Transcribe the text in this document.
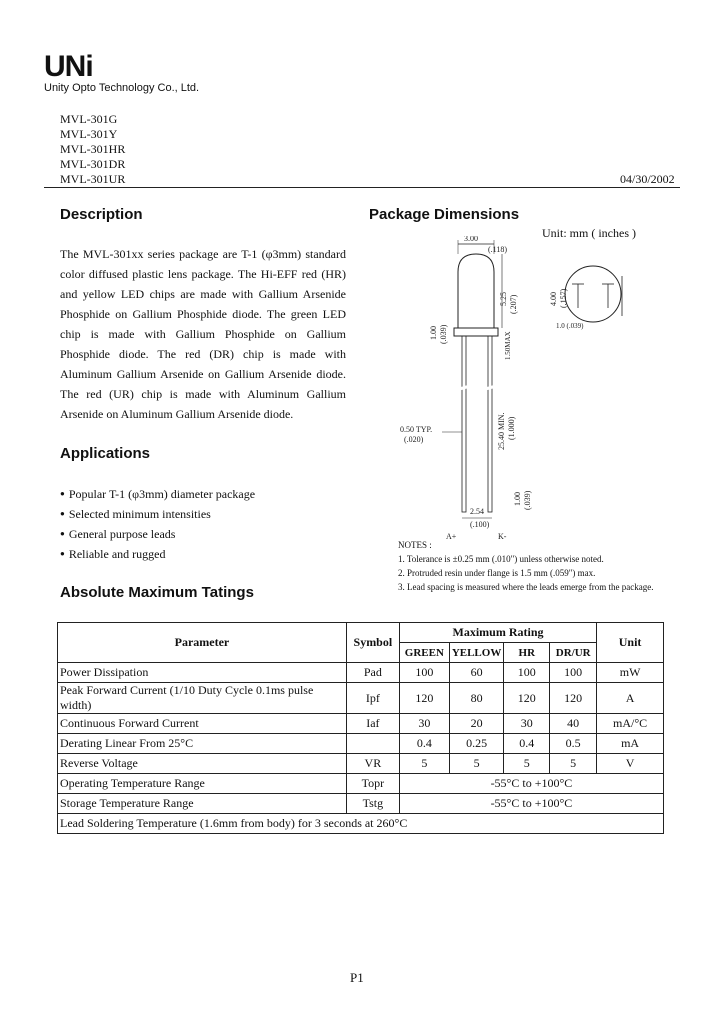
UNi
Unity Opto Technology Co., Ltd.
MVL-301G
MVL-301Y
MVL-301HR
MVL-301DR
MVL-301UR	04/30/2002
Description
The MVL-301xx series package are T-1 (φ3mm) standard color diffused plastic lens package. The Hi-EFF red (HR) and yellow LED chips are made with Gallium Arsenide Phosphide on Gallium Phosphide diode. The green LED chip is made with Gallium Phosphide on Gallium Phosphide diode. The red (DR) chip is made with Aluminum Gallium Arsenide on Gallium Arsenide diode. The red (UR) chip is made with Aluminum Gallium Arsenide on Aluminum Gallium Arsenide diode.
Applications
● Popular T-1 (φ3mm) diameter package
● Selected minimum intensities
● General purpose leads
● Reliable and rugged
Package Dimensions
Unit: mm ( inches )
3.00
(.118)
5.25 (.207)
1.00 (.039)	1.50MAX
25.40 MIN. (1.000)
0.50 TYP.
(.020)
1.00 (.039)
2.54
(.100)
A+	K-
4.00 (.157)
1.0 (.039)
NOTES :
1. Tolerance is ±0.25 mm (.010") unless otherwise noted.
2. Protruded resin under flange is 1.5 mm (.059") max.
3. Lead spacing is measured where the leads emerge from the package.
Absolute Maximum Tatings
Parameter	Symbol	Maximum Rating				Unit
		GREEN	YELLOW	HR	DR/UR	
Power Dissipation	Pad	100	60	100	100	mW
Peak Forward Current (1/10 Duty Cycle 0.1ms pulse width)	Ipf	120	80	120	120	A
Continuous Forward Current	Iaf	30	20	30	40	mA/°C
Derating Linear From 25°C		0.4	0.25	0.4	0.5	mA
Reverse Voltage	VR	5	5	5	5	V
Operating Temperature Range	Topr	-55°C to +100°C				
Storage Temperature Range	Tstg	-55°C to +100°C				
Lead Soldering Temperature (1.6mm from body) for 3 seconds at 260°C						
P1
